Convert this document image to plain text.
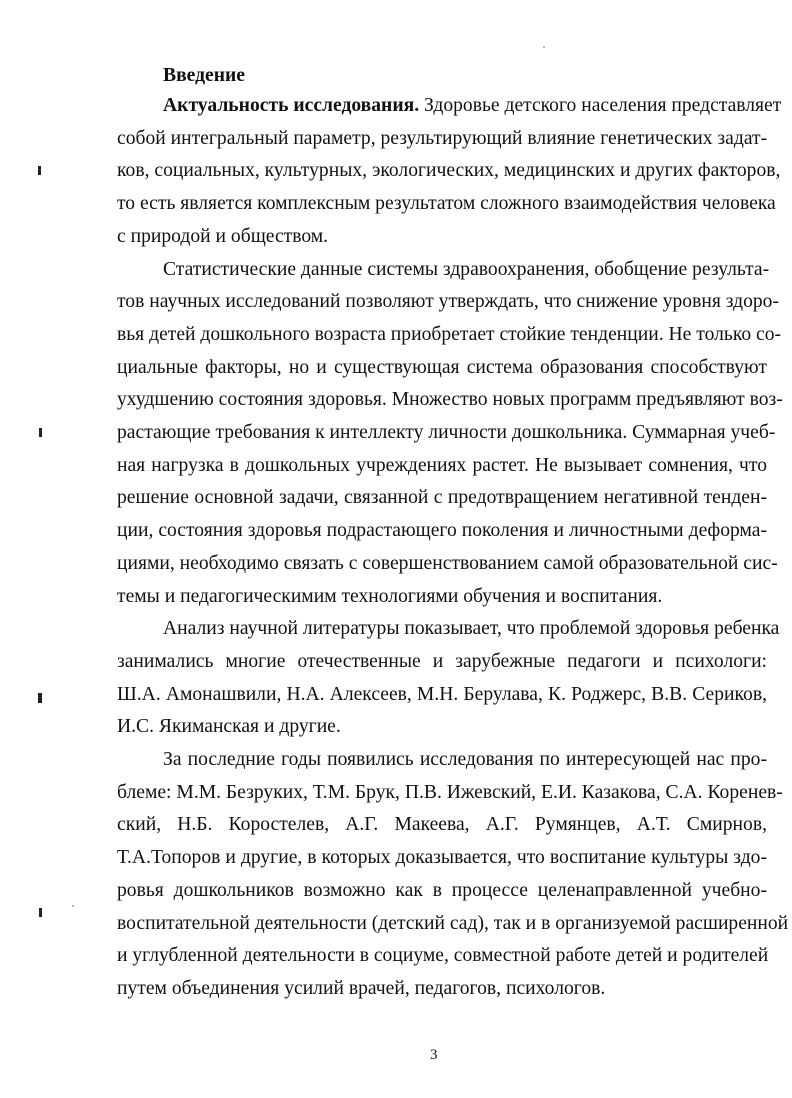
Введение
Актуальность исследования. Здоровье детского населения представляет
собой интегральный параметр, результирующий влияние генетических задат-
ков, социальных, культурных, экологических, медицинских и других факторов,
то есть является комплексным результатом сложного взаимодействия человека
с природой и обществом.
Статистические данные системы здравоохранения, обобщение результа-
тов научных исследований позволяют утверждать, что снижение уровня здоро-
вья детей дошкольного возраста приобретает стойкие тенденции. Не только со-
циальные факторы, но и существующая система образования способствуют
ухудшению состояния здоровья. Множество новых программ предъявляют воз-
растающие требования к интеллекту личности дошкольника. Суммарная учеб-
ная нагрузка в дошкольных учреждениях растет. Не вызывает сомнения, что
решение основной задачи, связанной с предотвращением негативной тенден-
ции, состояния здоровья подрастающего поколения и личностными деформа-
циями, необходимо связать с совершенствованием самой образовательной сис-
темы и педагогическимим технологиями обучения и воспитания.
Анализ научной литературы показывает, что проблемой здоровья ребенка
занимались многие отечественные и зарубежные педагоги и психологи:
Ш.А. Амонашвили, Н.А. Алексеев, М.Н. Берулава, К. Роджерс, В.В. Сериков,
И.С. Якиманская и другие.
За последние годы появились исследования по интересующей нас про-
блеме: М.М. Безруких, Т.М. Брук, П.В. Ижевский, Е.И. Казакова, С.А. Коренев-
ский, Н.Б. Коростелев, А.Г. Макеева, А.Г. Румянцев, А.Т. Смирнов,
Т.А.Топоров и другие, в которых доказывается, что воспитание культуры здо-
ровья дошкольников возможно как в процессе целенаправленной учебно-
воспитательной деятельности (детский сад), так и в организуемой расширенной
и углубленной деятельности в социуме, совместной работе детей и родителей
путем объединения усилий врачей, педагогов, психологов.
3
